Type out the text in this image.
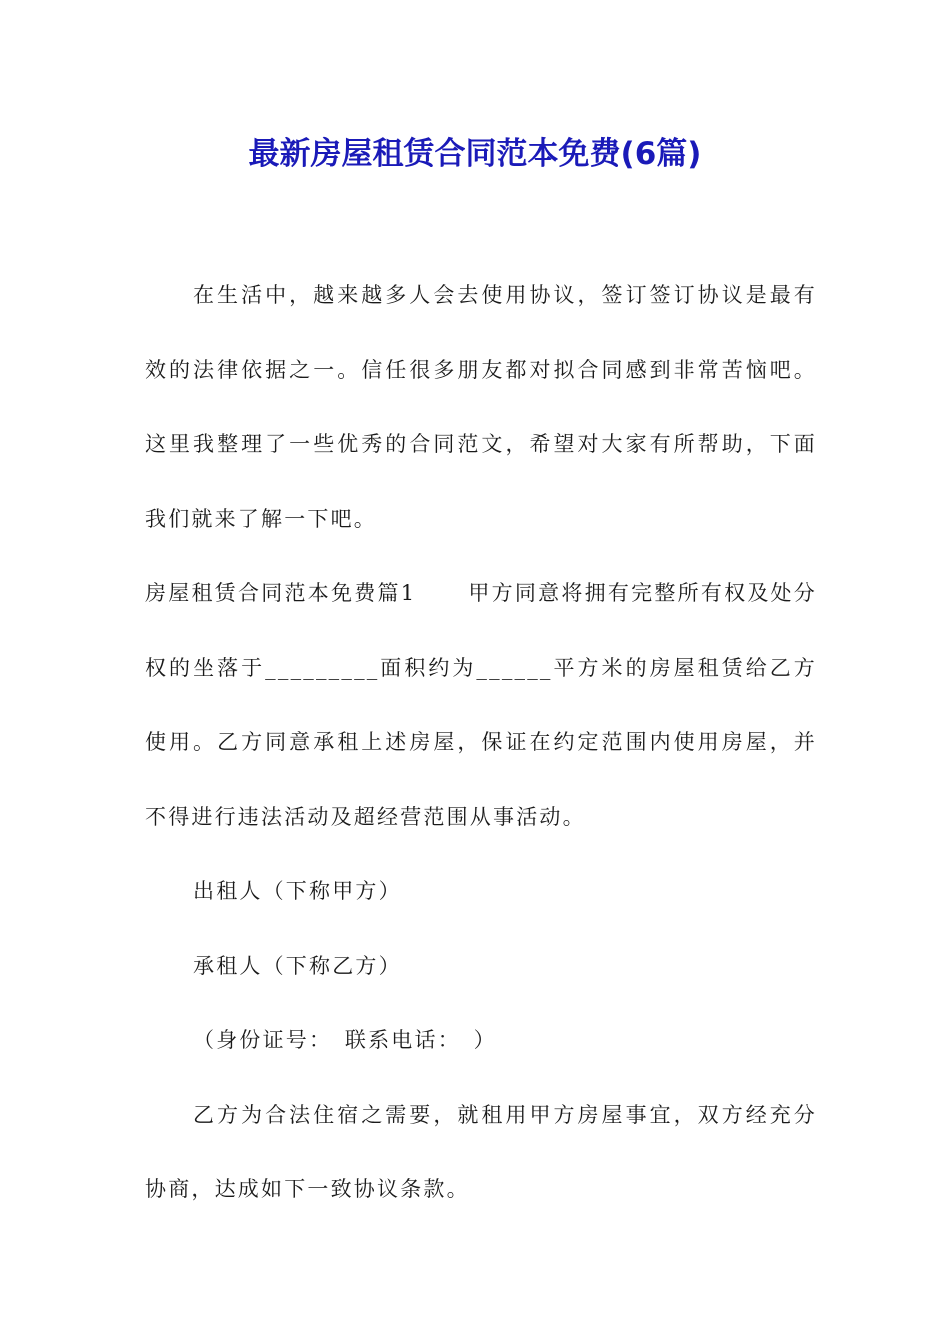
最新房屋租赁合同范本免费(6篇)

在生活中，越来越多人会去使用协议，签订签订协议是最有效的法律依据之一。信任很多朋友都对拟合同感到非常苦恼吧。这里我整理了一些优秀的合同范文，希望对大家有所帮助，下面我们就来了解一下吧。

房屋租赁合同范本免费篇1 甲方同意将拥有完整所有权及处分权的坐落于_________面积约为______平方米的房屋租赁给乙方使用。乙方同意承租上述房屋，保证在约定范围内使用房屋，并不得进行违法活动及超经营范围从事活动。

出租人（下称甲方）

承租人（下称乙方）

（身份证号：　联系电话：　）

乙方为合法住宿之需要，就租用甲方房屋事宜，双方经充分协商，达成如下一致协议条款。
